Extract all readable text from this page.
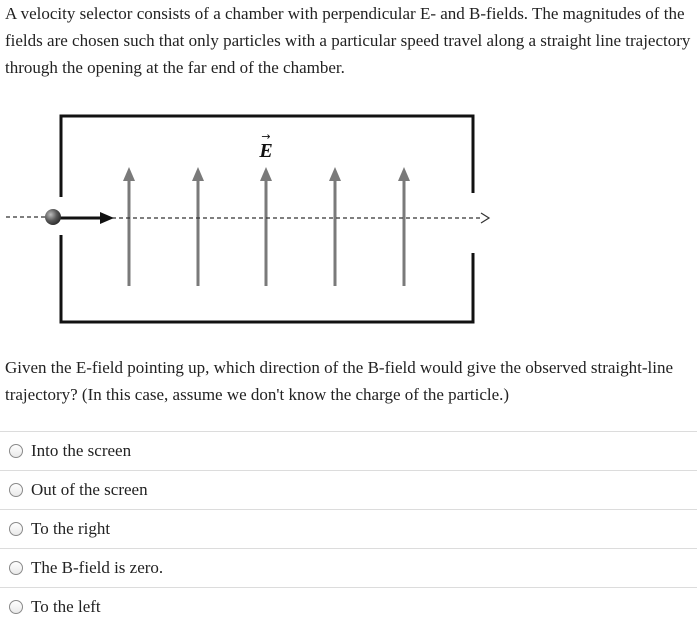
A velocity selector consists of a chamber with perpendicular E- and B-fields. The magnitudes of the fields are chosen such that only particles with a particular speed travel along a straight line trajectory through the opening at the far end of the chamber.

E
→

Given the E-field pointing up, which direction of the B-field would give the observed straight-line trajectory? (In this case, assume we don't know the charge of the particle.)

Into the screen
Out of the screen
To the right
The B-field is zero.
To the left
